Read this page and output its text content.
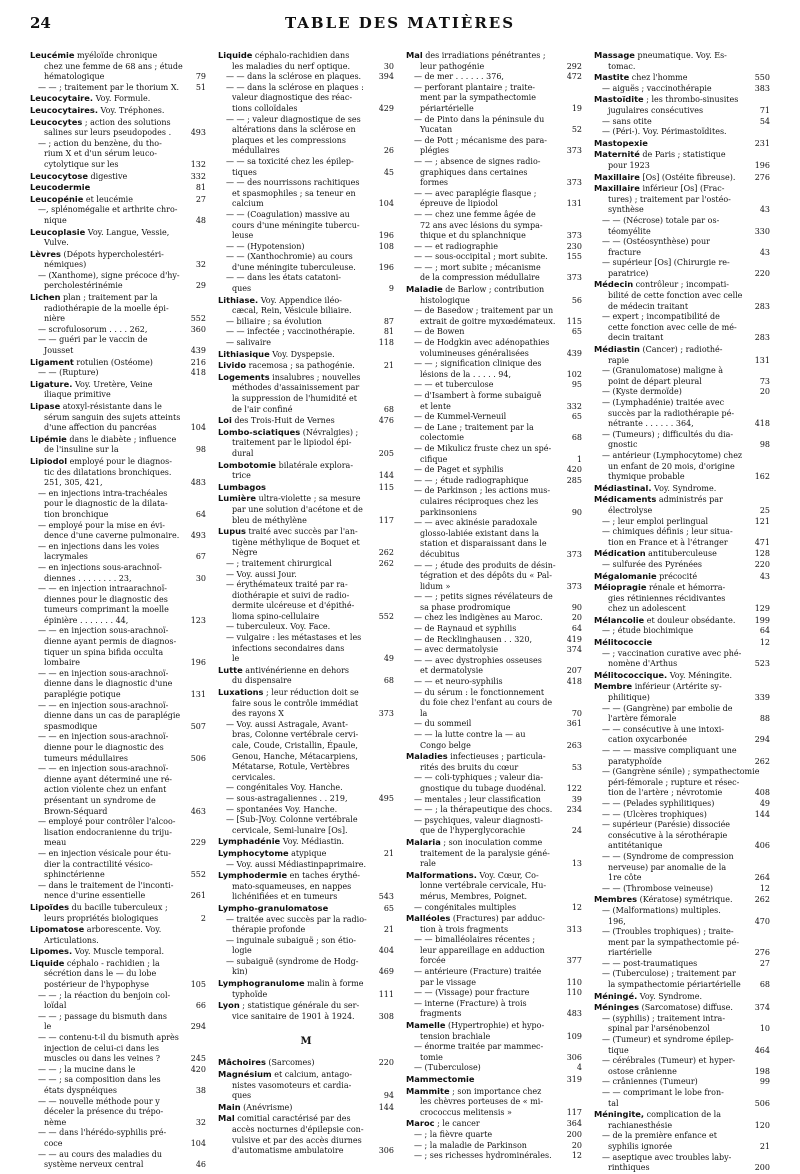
24	TABLE DES MATIÈRES
Leucémie myéloïde chronique
chez une femme de 68 ans ; étude
hématologique	79
— — ; traitement par le thorium X.	51
Leucocytaire. Voy. Formule.
Leucocytaires. Voy. Tréphones.
Leucocytes ; action des solutions
salines sur leurs pseudopodes .	493
— ; action du benzène, du tho-
rium X et d'un sérum leuco-
cytolytique sur les	132
Leucocytose digestive	332
Leucodermie	81
Leucopénie et leucémie	27
—, splénomégalie et arthrite chro-
nique	48
Leucoplasie Voy. Langue, Vessie,
Vulve.
Lèvres (Dépots hypercholestéri-
némiques)	32
— (Xanthome), signe précoce d'hy-
percholestérinémie	29
Lichen plan ; traitement par la
radiothérapie de la moelle épi-
nière	552
— scrofulosorum . . . . 262,	360
— — guéri par le vaccin de
Jousset	439
Ligament rotulien (Ostéome)	216
— — (Rupture)	418
Ligature. Voy. Uretère, Veine
iliaque primitive
Lipase atoxyl-résistante dans le
sérum sanguin des sujets atteints
d'une affection du pancréas	104
Lipémie dans le diabète ; influence
de l'insuline sur la	98
Lipiodol employé pour le diagnos-
tic des dilatations bronchiques.
251, 305, 421,	483
— en injections intra-trachéales
pour le diagnostic de la dilata-
tion bronchique	64
— employé pour la mise en évi-
dence d'une caverne pulmonaire.	493
— en injections dans les voies
lacrymales	67
— en injections sous-arachnoï-
diennes . . . . . . . . 23,	30
— — en injection intraarachnoï-
diennes pour le diagnostic des
tumeurs comprimant la moelle
épinière . . . . . . . 44,	123
— — en injection sous-arachnoï-
dienne ayant permis de diagnos-
tiquer un spina bifida occulta
lombaire	196
— — en injection sous-arachnoï-
dienne dans le diagnostic d'une
paraplégie potique	131
— — en injection sous-arachnoï-
dienne dans un cas de paraplégie
spasmodique	507
— — en injection sous-arachnoï-
dienne pour le diagnostic des
tumeurs médullaires	506
— — en injection sous-arachnoï-
dienne ayant déterminé une ré-
action violente chez un enfant
présentant un syndrome de
Brown-Séquard	463
— employé pour contrôler l'alcoo-
lisation endocranienne du triju-
meau	229
— en injection vésicale pour étu-
dier la contractilité vésico-
sphinctérienne	552
— dans le traitement de l'inconti-
nence d'urine essentielle	261
Lipoïdes du bacille tuberculeux ;
leurs propriétés biologiques	2
Lipomatose arborescente. Voy.
Articulations.
Lipomes. Voy. Muscle temporal.
Liquide céphalo - rachidien ; la
sécrétion dans le — du lobe
postérieur de l'hypophyse	105
— — ; la réaction du benjoin col-
loïdal	66
— — ; passage du bismuth dans
le	294
— — contenu-t-il du bismuth après
injection de celui-ci dans les
muscles ou dans les veines ?	245
— — ; la mucine dans le	420
— — ; sa composition dans les
états dyspnéiques	38
— — nouvelle méthode pour y
déceler la présence du trépo-
nème	32
— — dans l'hérédo-syphilis pré-
coce	104
— — au cours des maladies du
système nerveux central	46
Liquide céphalo-rachidien dans
les maladies du nerf optique.	30
— — dans la sclérose en plaques.	394
— — dans la sclérose en plaques :
valeur diagnostique des réac-
tions colloïdales	429
— — ; valeur diagnostique de ses
altérations dans la sclérose en
plaques et les compressions
médullaires	26
— — sa toxicité chez les épilep-
tiques	45
— — des nourrissons rachitiques
et spasmophiles ; sa teneur en
calcium	104
— — (Coagulation) massive au
cours d'une méningite tubercu-
leuse	196
— — (Hypotension)	108
— — (Xanthochromie) au cours
d'une méningite tuberculeuse.	196
— — dans les états catatoni-
ques	9
Lithiase. Voy. Appendice iléo-
cæcal, Rein, Vésicule biliaire.
— biliaire ; sa évolution	87
— — infectée ; vaccinothérapie.	81
— salivaire	118
Lithiasique Voy. Dyspepsie.
Livido racemosa ; sa pathogénie.	21
Logements insalubres ; nouvelles
méthodes d'assainissement par
la suppression de l'humidité et
de l'air confiné	68
Loi des Trois-Huit de Vernes	476
Lombo-sciatiques (Névralgies) ;
traitement par le lipiodol épi-
dural	205
Lombotomie bilatérale explora-
trice	144
Lumbagos	115
Lumière ultra-violette ; sa mesure
par une solution d'acétone et de
bleu de méthylène	117
Lupus traité avec succès par l'an-
tigène méthylique de Boquet et
Nègre	262
— ; traitement chirurgical	262
— Voy. aussi Jour.
— érythémateux traité par ra-
diothérapie et suivi de radio-
dermite ulcéreuse et d'épithé-
lioma spino-cellulaire	552
— tuberculeux. Voy. Face.
— vulgaire : les métastases et les
infections secondaires dans
le	49
Lutte antivénérienne en dehors
du dispensaire	68
Luxations ; leur réduction doit se
faire sous le contrôle immédiat
des rayons X	373
— Voy. aussi Astragale, Avant-
bras, Colonne vertébrale cervi-
cale, Coude, Cristallin, Épaule,
Genou, Hanche, Métacarpiens,
Métatarse, Rotule, Vertèbres
cervicales.
— congénitales Voy. Hanche.
— sous-astragaliennes . . 219,	495
— spontanées Voy. Hanche.
— [Sub-]Voy. Colonne vertébrale
cervicale, Semi-lunaire [Os].
Lymphadénie Voy. Médiastin.
Lymphocytome atypique	21
— Voy. aussi Médiastinpaprimaire.
Lymphodermie en taches érythé-
mato-squameuses, en nappes
lichénifiées et en tumeurs	543
Lympho-granulomatose	65
— traitée avec succès par la radio-
thérapie profonde	21
— inguinale subaiguë ; son étio-
logie	404
— subaiguë (syndrome de Hodg-
kin)	469
Lymphogranulome malin à forme
typhoïde	111
Lyon ; statistique générale du ser-
vice sanitaire de 1901 à 1924.	308
M
Mâchoires (Sarcomes)	220
Magnésium et calcium, antago-
nistes vasomoteurs et cardia-
ques	94
Main (Anévrisme)	144
Mal comitial caractérisé par des
accès nocturnes d'épilepsie con-
vulsive et par des accès diurnes
d'automatisme ambulatoire	306
Mal des irradiations pénétrantes ;
leur pathogénie	292
— de mer . . . . . . 376,	472
— perforant plantaire ; traite-
ment par la sympathectomie
périartérielle	19
— de Pinto dans la péninsule du
Yucatan	52
— de Pott ; mécanisme des para-
plégies	373
— — ; absence de signes radio-
graphiques dans certaines
formes	373
— — avec paraplégie flasque ;
épreuve de lipiodol	131
— — chez une femme âgée de
72 ans avec lésions du sympa-
thique et du splanchnique	373
— — et radiographie	230
— — sous-occipital ; mort subite.	155
— — ; mort subite ; mécanisme
de la compression médullaire	373
Maladie de Barlow ; contribution
histologique	56
— de Basedow ; traitement par un
extrait de goitre myxœdémateux.	115
— de Bowen	65
— de Hodgkin avec adénopathies
volumineuses généralisées	439
— — ; signification clinique des
lésions de la . . . . . 94,	102
— — et tuberculose	95
— d'Isambert à forme subaiguë
et lente	332
— de Kummel-Verneuil	65
— de Lane ; traitement par la
colectomie	68
— de Mikulicz fruste chez un spé-
cifique	1
— de Paget et syphilis	420
— — ; étude radiographique	285
— de Parkinson ; les actions mus-
culaires réciproques chez les
parkinsoniens	90
— — avec akinésie paradoxale
glosso-labiée existant dans la
station et disparaissant dans le
décubitus	373
— — ; étude des produits de désin-
tégration et des dépôts du « Pal-
lidum »	373
— — ; petits signes révélateurs de
sa phase prodromique	90
— chez les indigènes au Maroc.	20
— de Raynaud et syphilis	64
— de Recklinghausen . . 320,	419
— avec dermatolysie	374
— — avec dystrophies osseuses
et dermatolysie	207
— — et neuro-syphilis	418
— du sérum : le fonctionnement
du foie chez l'enfant au cours de
la	70
— du sommeil	361
— — la lutte contre la — au
Congo belge	263
Maladies infectieuses ; particula-
rités des bruits du cœur	53
— — coli-typhiques ; valeur dia-
gnostique du tubage duodénal.	122
— mentales ; leur classification	39
— — ; la thérapeutique des chocs.	234
— psychiques, valeur diagnosti-
que de l'hyperglycorachie	24
Malaria ; son inoculation comme
traitement de la paralysie géné-
rale	13
Malformations. Voy. Cœur, Co-
lonne vertébrale cervicale, Hu-
mérus, Membres, Poignet.
— congénitales multiples	12
Malléoles (Fractures) par adduc-
tion à trois fragments	313
— — bimalléolaires récentes ;
leur appareillage en adduction
forcée	377
— antérieure (Fracture) traitée
par le vissage	110
— — (Vissage) pour fracture	110
— interne (Fracture) à trois
fragments	483
Mamelle (Hypertrophie) et hypo-
tension brachiale	109
— énorme traitée par mammec-
tomie	306
— (Tuberculose)	4
Mammectomie	319
Mammite ; son importance chez
les chèvres porteuses de « mi-
crococcus melitensis »	117
Maroc ; le cancer	364
— ; la fièvre quarte	200
— ; la maladie de Parkinson	20
— ; ses richesses hydrominérales.	12
Massage pneumatique. Voy. Es-
tomac.
Mastite chez l'homme	550
— aiguës ; vaccinothérapie	383
Mastoïdite ; les thrombo-sinusites
jugulaires consécutives	71
— sans otite	54
— (Péri-). Voy. Périmastoïdites.
Mastopexie	231
Maternité de Paris ; statistique
pour 1923	196
Maxillaire [Os] (Ostéite fibreuse).	276
Maxillaire inférieur [Os] (Frac-
tures) ; traitement par l'ostéo-
synthèse	43
— — (Nécrose) totale par os-
téomyélite	330
— — (Ostéosynthèse) pour
fracture	43
— supérieur [Os] (Chirurgie re-
paratrice)	220
Médecin contrôleur ; incompati-
bilité de cette fonction avec celle
de médecin traitant	283
— expert ; incompatibilité de
cette fonction avec celle de mé-
decin traitant	283
Médiastin (Cancer) ; radiothé-
rapie	131
— (Granulomatose) maligne à
point de départ pleural	73
— (Kyste dermoïde)	20
— (Lymphadénie) traitée avec
succès par la radiothérapie pé-
nétrante . . . . . . 364,	418
— (Tumeurs) ; difficultés du dia-
gnostic	98
— antérieur (Lymphocytome) chez
un enfant de 20 mois, d'origine
thymique probable	162
Médiastinal. Voy. Syndrome.
Médicaments administrés par
électrolyse	25
— ; leur emploi perlingual	121
— chimiques définis ; leur situa-
tion en France et à l'étranger	471
Médication antituberculeuse	128
— sulfurée des Pyrénées	220
Mégalomanie précocité	43
Méiopragie rénale et hémorra-
gies rétiniennes récidivantes
chez un adolescent	129
Mélancolie et douleur obsédante.	199
— ; étude biochimique	64
Mélitococcie	12
— ; vaccination curative avec phé-
nomène d'Arthus	523
Mélitococcique. Voy. Méningite.
Membre inférieur (Artérite sy-
philitique)	339
— — (Gangrène) par embolie de
l'artère fémorale	88
— — consécutive à une intoxi-
cation oxycarbonée	294
— — — massive compliquant une
paratyphoïde	262
— (Gangrène sénile) ; sympathectomie
péri-fémorale ; rupture et résec-
tion de l'artère ; névrotomie	408
— — (Pelades syphilitiques)	49
— — (Ulcères trophiques)	144
— supérieur (Parésie) dissociée
consécutive à la sérothérapie
antitétanique	406
— — (Syndrome de compression
nerveuse) par anomalie de la
1re côte	264
— — (Thrombose veineuse)	12
Membres (Kératose) symétrique.	262
— (Malformations) multiples.
196,	470
— (Troubles trophiques) ; traite-
ment par la sympathectomie pé-
riartérielle	276
— — post-traumatiques	27
— (Tuberculose) ; traitement par
la sympathectomie périartérielle	68
Méningé. Voy. Syndrome.
Méninges (Sarcomatose) diffuse.	374
— (syphilis) ; traitement intra-
spinal par l'arsénobenzol	10
— (Tumeur) et syndrome épilep-
tique	464
— cérébrales (Tumeur) et hyper-
ostose crânienne	198
— crâniennes (Tumeur)	99
— — comprimant le lobe fron-
tal	506
Méningite, complication de la
rachianesthésie	120
— de la première enfance et
syphilis ignorée	21
— aseptique avec troubles laby-
rinthiques	200
